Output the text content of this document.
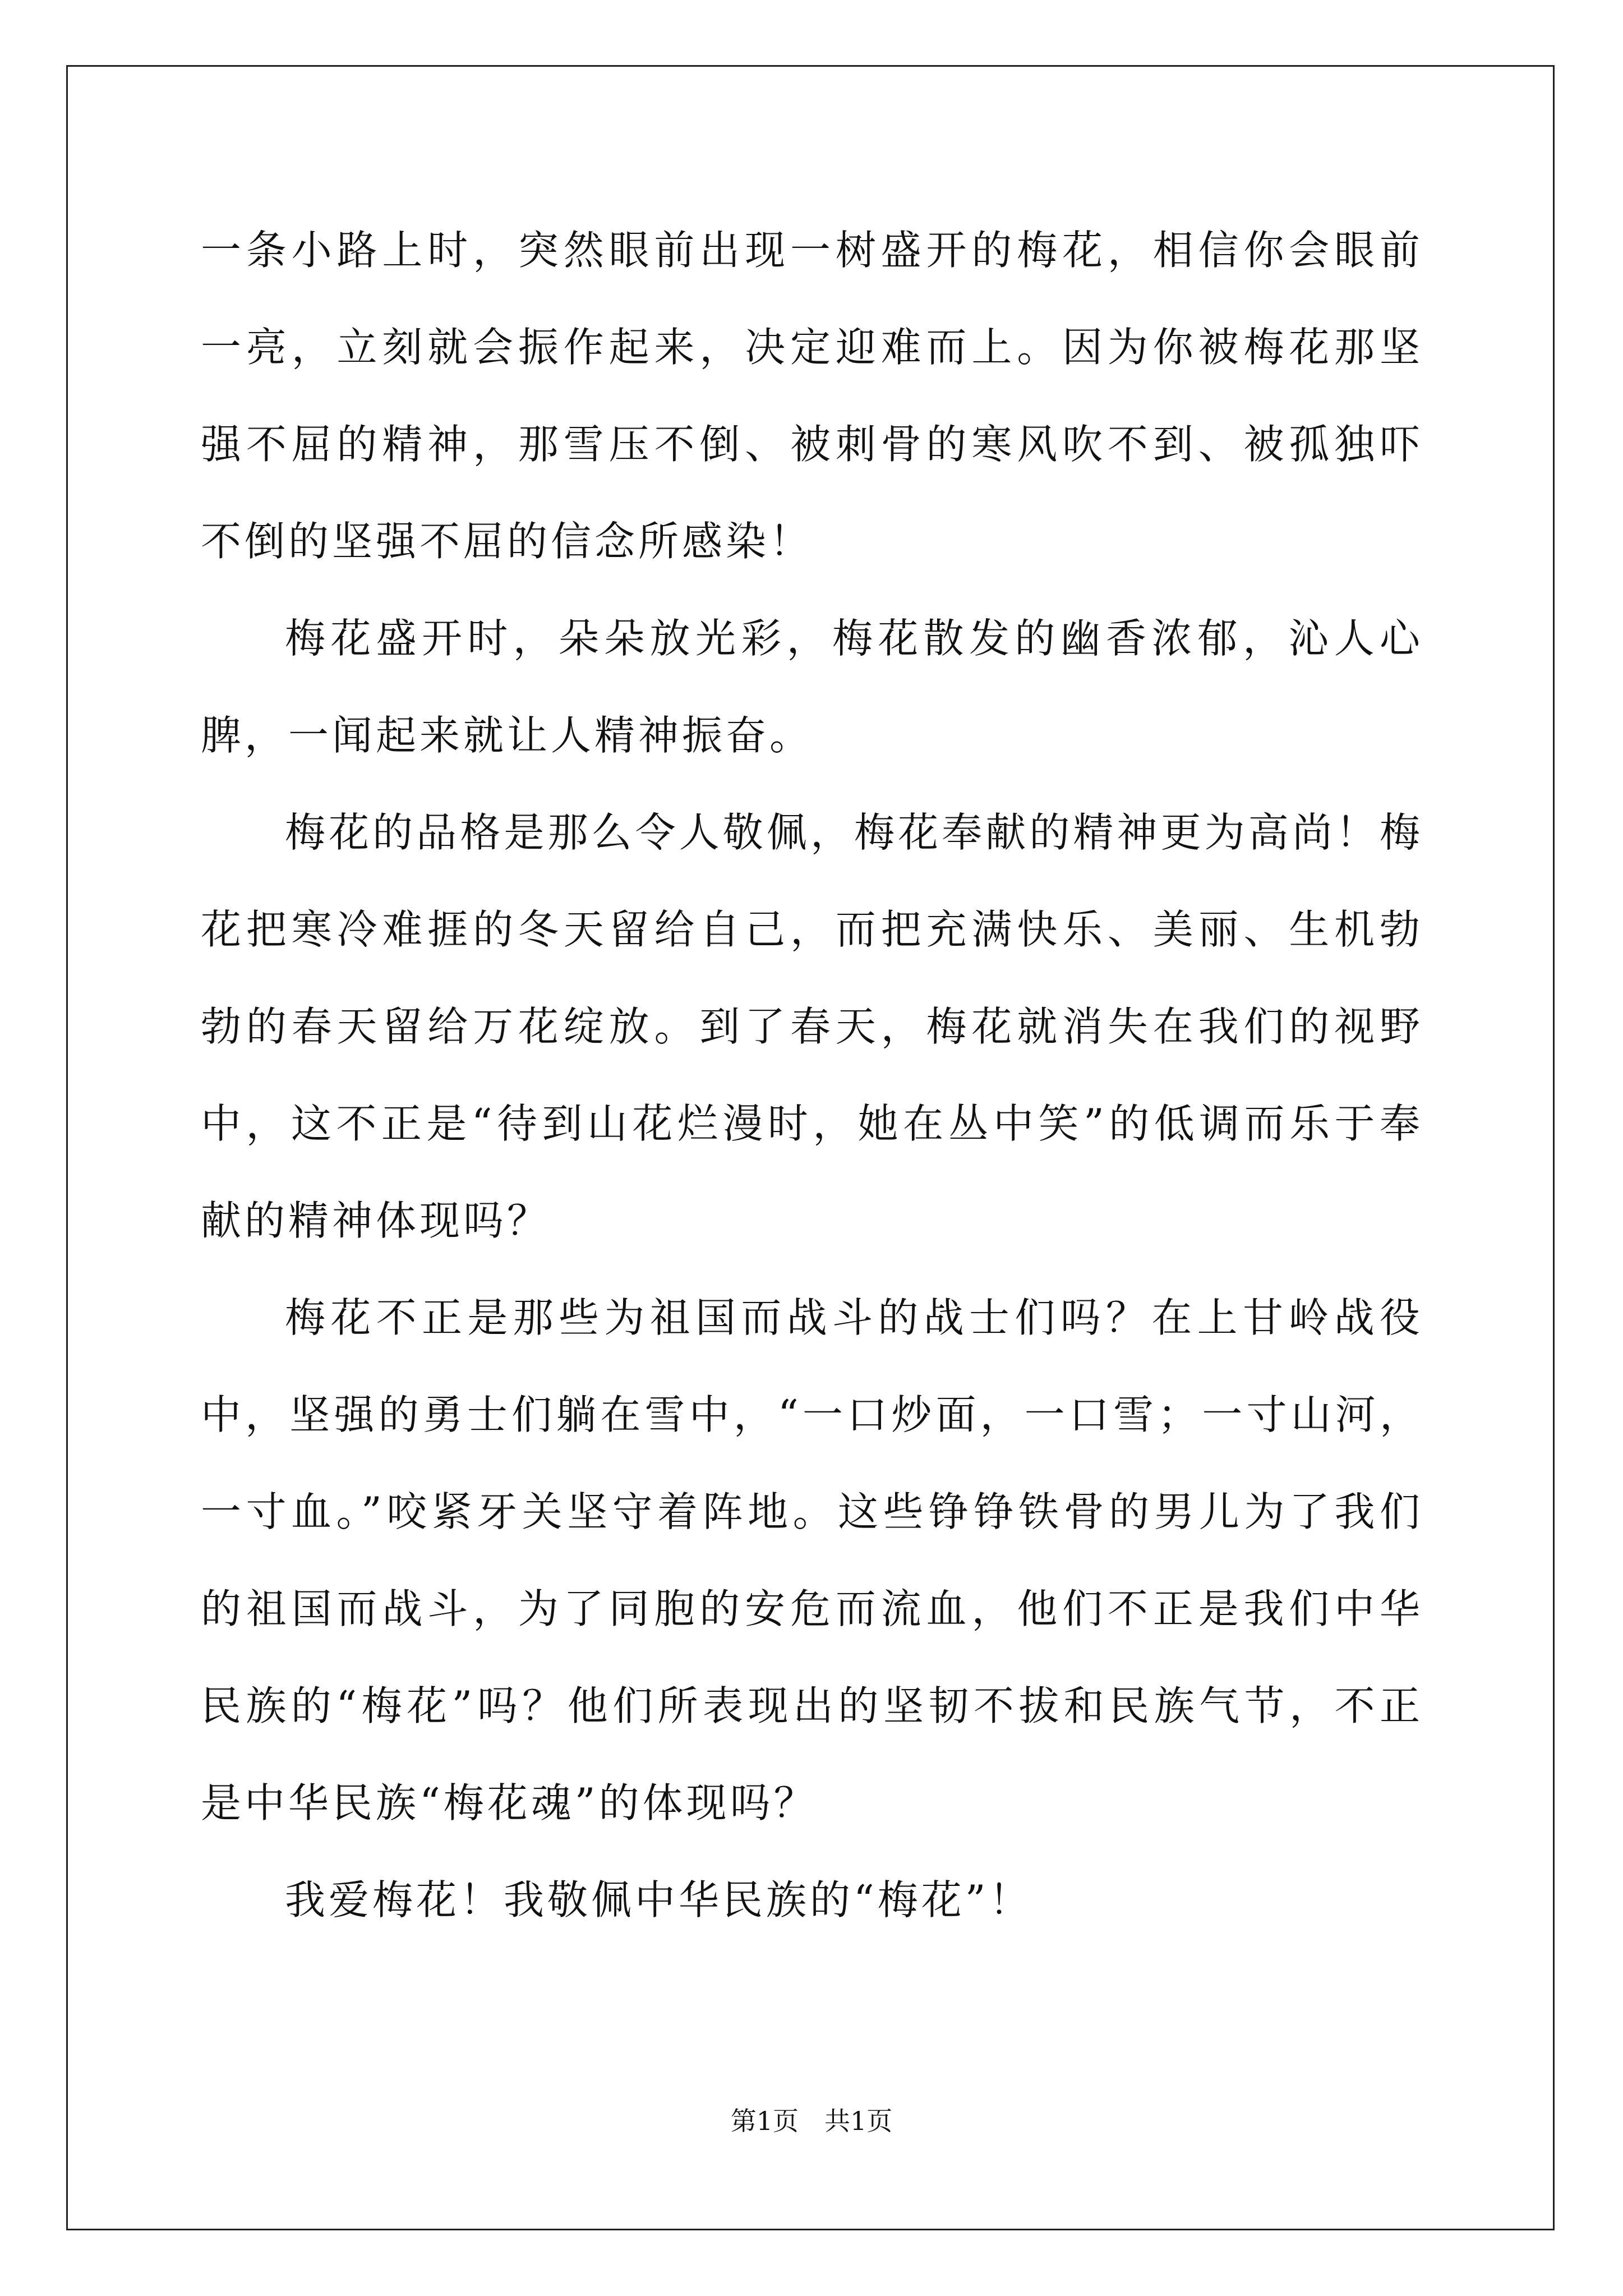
一条小路上时，突然眼前出现一树盛开的梅花，相信你会眼前一亮，立刻就会振作起来，决定迎难而上。因为你被梅花那坚强不屈的精神，那雪压不倒、被刺骨的寒风吹不到、被孤独吓不倒的坚强不屈的信念所感染！

梅花盛开时，朵朵放光彩，梅花散发的幽香浓郁，沁人心脾，一闻起来就让人精神振奋。

梅花的品格是那么令人敬佩，梅花奉献的精神更为高尚！梅花把寒冷难捱的冬天留给自己，而把充满快乐、美丽、生机勃勃的春天留给万花绽放。到了春天，梅花就消失在我们的视野中，这不正是“待到山花烂漫时，她在丛中笑”的低调而乐于奉献的精神体现吗？

梅花不正是那些为祖国而战斗的战士们吗？在上甘岭战役中，坚强的勇士们躺在雪中，“一口炒面，一口雪；一寸山河，一寸血。”咬紧牙关坚守着阵地。这些铮铮铁骨的男儿为了我们的祖国而战斗，为了同胞的安危而流血，他们不正是我们中华民族的“梅花”吗？他们所表现出的坚韧不拔和民族气节，不正是中华民族“梅花魂”的体现吗？

我爱梅花！我敬佩中华民族的“梅花”！

第1页　共1页
